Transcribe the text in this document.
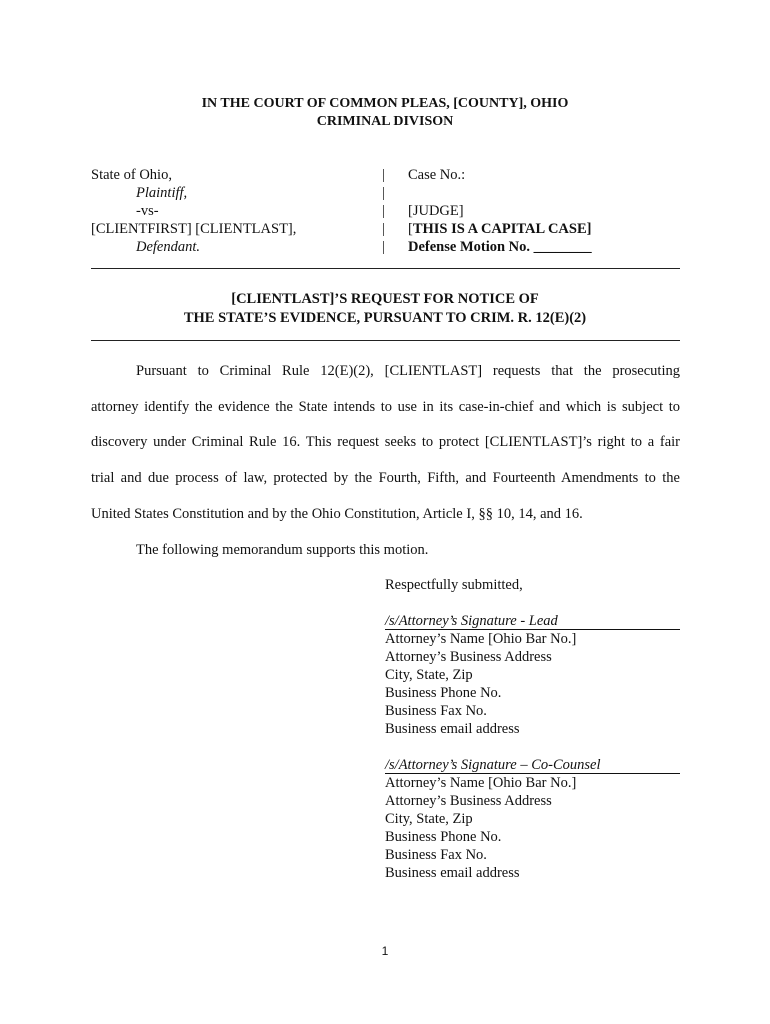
IN THE COURT OF COMMON PLEAS, [COUNTY], OHIO
CRIMINAL DIVISON
State of Ohio,
Plaintiff,
-vs-
[CLIENTFIRST] [CLIENTLAST],
Defendant.
|
|
|
|
|
Case No.:
[JUDGE]
[THIS IS A CAPITAL CASE]
Defense Motion No. ________
[CLIENTLAST]’S REQUEST FOR NOTICE OF
THE STATE’S EVIDENCE, PURSUANT TO CRIM. R. 12(E)(2)
Pursuant to Criminal Rule 12(E)(2), [CLIENTLAST] requests that the prosecuting
attorney identify the evidence the State intends to use in its case-in-chief and which is subject to
discovery under Criminal Rule 16. This request seeks to protect [CLIENTLAST]’s right to a fair
trial and due process of law, protected by the Fourth, Fifth, and Fourteenth Amendments to the
United States Constitution and by the Ohio Constitution, Article I, §§ 10, 14, and 16.
The following memorandum supports this motion.
Respectfully submitted,
/s/Attorney’s Signature - Lead
Attorney’s Name [Ohio Bar No.]
Attorney’s Business Address
City, State, Zip
Business Phone No.
Business Fax No.
Business email address
/s/Attorney’s Signature – Co-Counsel
Attorney’s Name [Ohio Bar No.]
Attorney’s Business Address
City, State, Zip
Business Phone No.
Business Fax No.
Business email address
1
